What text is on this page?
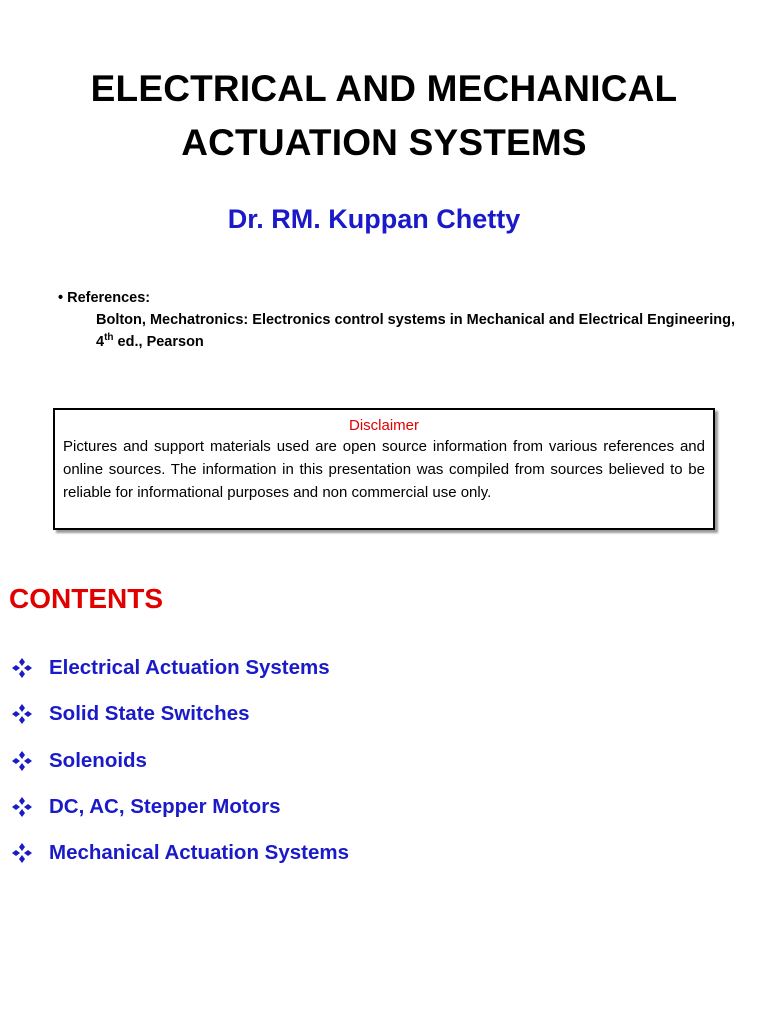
ELECTRICAL AND MECHANICAL
ACTUATION SYSTEMS
Dr. RM. Kuppan Chetty
• References:
Bolton, Mechatronics: Electronics control systems in Mechanical and Electrical Engineering, 4th ed., Pearson
Disclaimer
Pictures and support materials used are open source information from various references and online sources. The information in this presentation was compiled from sources believed to be reliable for informational purposes and non commercial use only.
CONTENTS
Electrical Actuation Systems
Solid State Switches
Solenoids
DC, AC, Stepper Motors
Mechanical Actuation Systems
